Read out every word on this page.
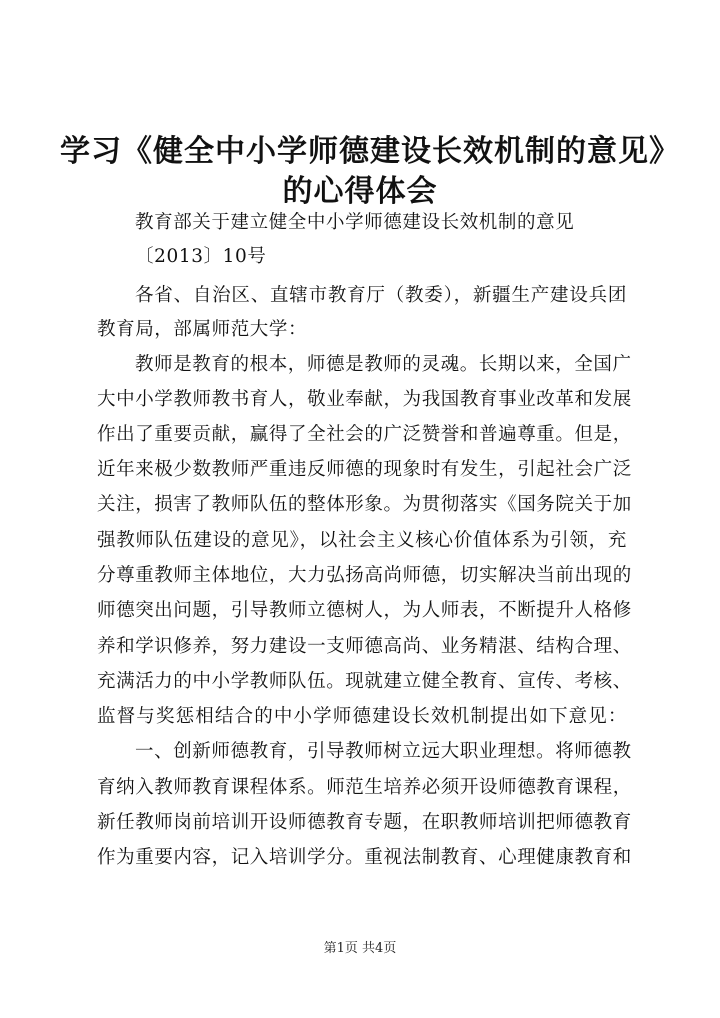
学习《健全中小学师德建设长效机制的意见》
的心得体会
教育部关于建立健全中小学师德建设长效机制的意见
〔2013〕10号
各省、自治区、直辖市教育厅（教委），新疆生产建设兵团
教育局，部属师范大学：
教师是教育的根本，师德是教师的灵魂。长期以来，全国广
大中小学教师教书育人，敬业奉献，为我国教育事业改革和发展
作出了重要贡献，赢得了全社会的广泛赞誉和普遍尊重。但是，
近年来极少数教师严重违反师德的现象时有发生，引起社会广泛
关注，损害了教师队伍的整体形象。为贯彻落实《国务院关于加
强教师队伍建设的意见》，以社会主义核心价值体系为引领，充
分尊重教师主体地位，大力弘扬高尚师德，切实解决当前出现的
师德突出问题，引导教师立德树人，为人师表，不断提升人格修
养和学识修养，努力建设一支师德高尚、业务精湛、结构合理、
充满活力的中小学教师队伍。现就建立健全教育、宣传、考核、
监督与奖惩相结合的中小学师德建设长效机制提出如下意见：
一、创新师德教育，引导教师树立远大职业理想。将师德教
育纳入教师教育课程体系。师范生培养必须开设师德教育课程，
新任教师岗前培训开设师德教育专题，在职教师培训把师德教育
作为重要内容，记入培训学分。重视法制教育、心理健康教育和
第1页 共4页
